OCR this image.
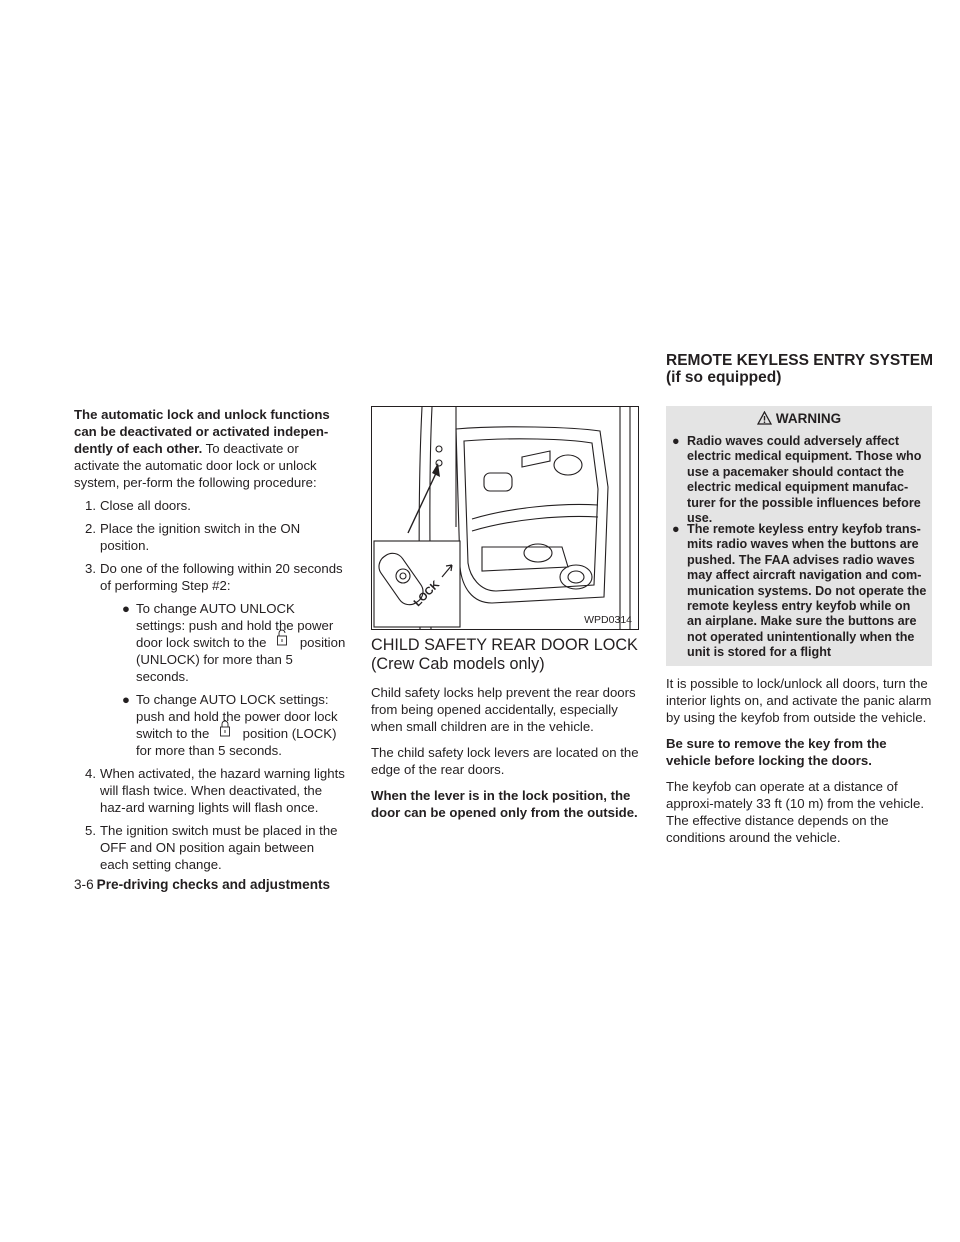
REMOTE KEYLESS ENTRY SYSTEM
(if so equipped)

The automatic lock and unlock functions can be deactivated or activated indepen-dently of each other. To deactivate or activate the automatic door lock or unlock system, per-form the following procedure:

1. Close all doors.

2. Place the ignition switch in the ON position.

3. Do one of the following within 20 seconds of performing Step #2:

● To change AUTO UNLOCK settings: push and hold the power door lock switch to the	position (UNLOCK) for more than 5 seconds.

● To change AUTO LOCK settings: push and hold the power door lock switch to the	position (LOCK) for more than 5 seconds.

4. When activated, the hazard warning lights will flash twice. When deactivated, the haz-ard warning lights will flash once.

5. The ignition switch must be placed in the OFF and ON position again between each setting change.

LOCK
WPD0314
CHILD SAFETY REAR DOOR LOCK
(Crew Cab models only)

Child safety locks help prevent the rear doors from being opened accidentally, especially when small children are in the vehicle.

The child safety lock levers are located on the edge of the rear doors.

When the lever is in the lock position, the door can be opened only from the outside.

WARNING
● Radio waves could adversely affect electric medical equipment. Those who use a pacemaker should contact the electric medical equipment manufac-turer for the possible influences before use.
● The remote keyless entry keyfob trans-mits radio waves when the buttons are pushed. The FAA advises radio waves may affect aircraft navigation and com-munication systems. Do not operate the remote keyless entry keyfob while on an airplane. Make sure the buttons are not operated unintentionally when the unit is stored for a flight

It is possible to lock/unlock all doors, turn the interior lights on, and activate the panic alarm by using the keyfob from outside the vehicle.

Be sure to remove the key from the vehicle before locking the doors.

The keyfob can operate at a distance of approxi-mately 33 ft (10 m) from the vehicle. The effective distance depends on the conditions around the vehicle.

3-6 Pre-driving checks and adjustments
